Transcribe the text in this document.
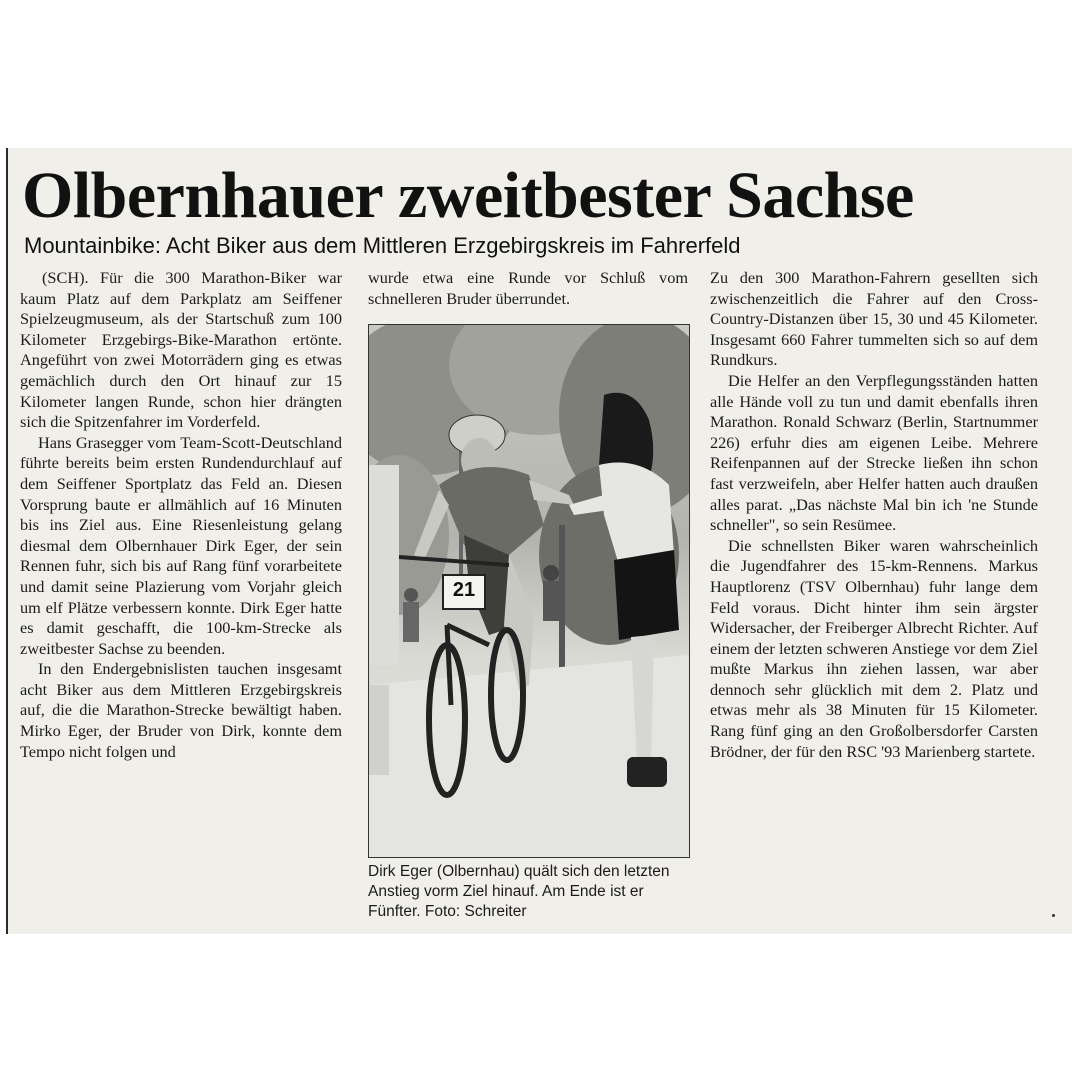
Olbernhauer zweitbester Sachse
Mountainbike: Acht Biker aus dem Mittleren Erzgebirgskreis im Fahrerfeld

(SCH). Für die 300 Marathon-Biker war kaum Platz auf dem Parkplatz am Seiffener Spielzeugmuseum, als der Startschuß zum 100 Kilometer Erzgebirgs-Bike-Marathon ertönte. Angeführt von zwei Motorrädern ging es etwas gemächlich durch den Ort hinauf zur 15 Kilometer langen Runde, schon hier drängten sich die Spitzenfahrer im Vorderfeld.

Hans Grasegger vom Team-Scott-Deutschland führte bereits beim ersten Rundendurchlauf auf dem Seiffener Sportplatz das Feld an. Diesen Vorsprung baute er allmählich auf 16 Minuten bis ins Ziel aus. Eine Riesenleistung gelang diesmal dem Olbernhauer Dirk Eger, der sein Rennen fuhr, sich bis auf Rang fünf vorarbeitete und damit seine Plazierung vom Vorjahr gleich um elf Plätze verbessern konnte. Dirk Eger hatte es damit geschafft, die 100-km-Strecke als zweitbester Sachse zu beenden.

In den Endergebnislisten tauchen insgesamt acht Biker aus dem Mittleren Erzgebirgskreis auf, die die Marathon-Strecke bewältigt haben. Mirko Eger, der Bruder von Dirk, konnte dem Tempo nicht folgen und

wurde etwa eine Runde vor Schluß vom schnelleren Bruder überrundet.

21
Dirk Eger (Olbernhau) quält sich den letzten Anstieg vorm Ziel hinauf. Am Ende ist er Fünfter. Foto: Schreiter

Zu den 300 Marathon-Fahrern gesellten sich zwischenzeitlich die Fahrer auf den Cross-Country-Distanzen über 15, 30 und 45 Kilometer. Insgesamt 660 Fahrer tummelten sich so auf dem Rundkurs.

Die Helfer an den Verpflegungsständen hatten alle Hände voll zu tun und damit ebenfalls ihren Marathon. Ronald Schwarz (Berlin, Startnummer 226) erfuhr dies am eigenen Leibe. Mehrere Reifenpannen auf der Strecke ließen ihn schon fast verzweifeln, aber Helfer hatten auch draußen alles parat. „Das nächste Mal bin ich 'ne Stunde schneller", so sein Resümee.

Die schnellsten Biker waren wahrscheinlich die Jugendfahrer des 15-km-Rennens. Markus Hauptlorenz (TSV Olbernhau) fuhr lange dem Feld voraus. Dicht hinter ihm sein ärgster Widersacher, der Freiberger Albrecht Richter. Auf einem der letzten schweren Anstiege vor dem Ziel mußte Markus ihn ziehen lassen, war aber dennoch sehr glücklich mit dem 2. Platz und etwas mehr als 38 Minuten für 15 Kilometer. Rang fünf ging an den Großolbersdorfer Carsten Brödner, der für den RSC '93 Marienberg startete.
